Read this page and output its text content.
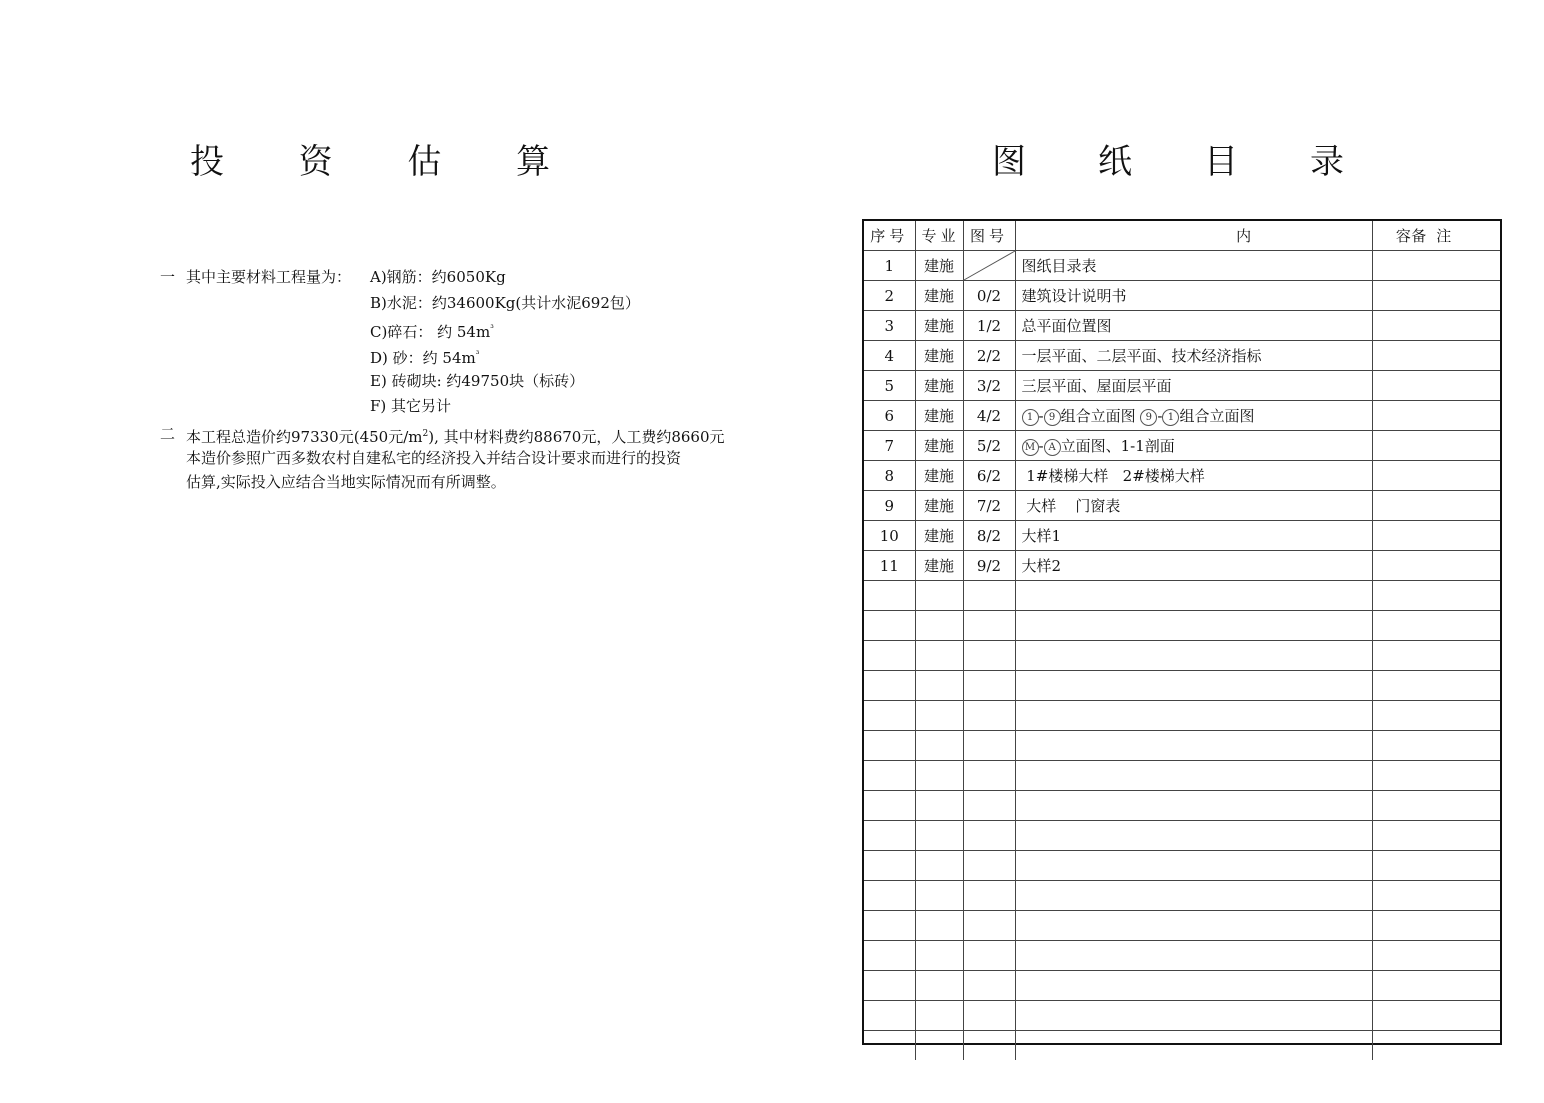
投 资 估 算
一 其中主要材料工程量为： A)钢筋：约6050Kg
B)水泥：约34600Kg(共计水泥692包）
C)碎石： 约 $54m^{^3}$
D) 砂：约 $54m^{^3}$
E) 砖砌块: 约49750块（标砖）
F) 其它另计
二 本工程总造价约97330元(450元$/m^2$), 其中材料费约88670元，人工费约8660元
本造价参照广西多数农村自建私宅的经济投入并结合设计要求而进行的投资
估算,实际投入应结合当地实际情况而有所调整。
图 纸 目 录
序号	专业	图号	内 容	备注
1	建施		图纸目录表	
2	建施	0/2	建筑设计说明书	
3	建施	1/2	总平面位置图	
4	建施	2/2	一层平面、二层平面、技术经济指标	
5	建施	3/2	三层平面、屋面层平面	
6	建施	4/2	1 - 9 组合立面图 9 - 1 组合立面图	
7	建施	5/2	M - A 立面图、1-1剖面	
8	建施	6/2	1#楼梯大样   2#楼梯大样	
9	建施	7/2	大样    门窗表	
10	建施	8/2	大样1	
11	建施	9/2	大样2	
